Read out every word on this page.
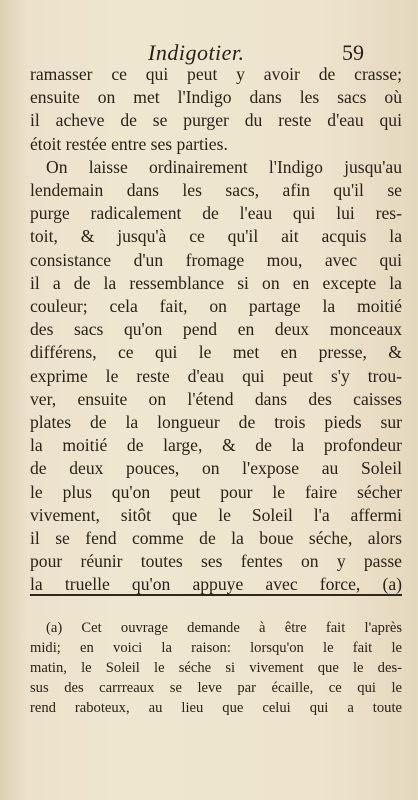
Indigotier.	59
ramasser ce qui peut y avoir de crasse;
ensuite on met l'Indigo dans les sacs où
il acheve de se purger du reste d'eau qui
étoit restée entre ses parties.
On laisse ordinairement l'Indigo jusqu'au
lendemain dans les sacs, afin qu'il se
purge radicalement de l'eau qui lui res-
toit, & jusqu'à ce qu'il ait acquis la
consistance d'un fromage mou, avec qui
il a de la ressemblance si on en excepte la
couleur; cela fait, on partage la moitié
des sacs qu'on pend en deux monceaux
différens, ce qui le met en presse, &
exprime le reste d'eau qui peut s'y trou-
ver, ensuite on l'étend dans des caisses
plates de la longueur de trois pieds sur
la moitié de large, & de la profondeur
de deux pouces, on l'expose au Soleil
le plus qu'on peut pour le faire sécher
vivement, sitôt que le Soleil l'a affermi
il se fend comme de la boue séche, alors
pour réunir toutes ses fentes on y passe
la truelle qu'on appuye avec force, (a)
(a) Cet ouvrage demande à être fait l'après
midi; en voici la raison: lorsqu'on le fait le
matin, le Soleil le séche si vivement que le des-
sus des carrreaux se leve par écaille, ce qui le
rend raboteux, au lieu que celui qui a toute
